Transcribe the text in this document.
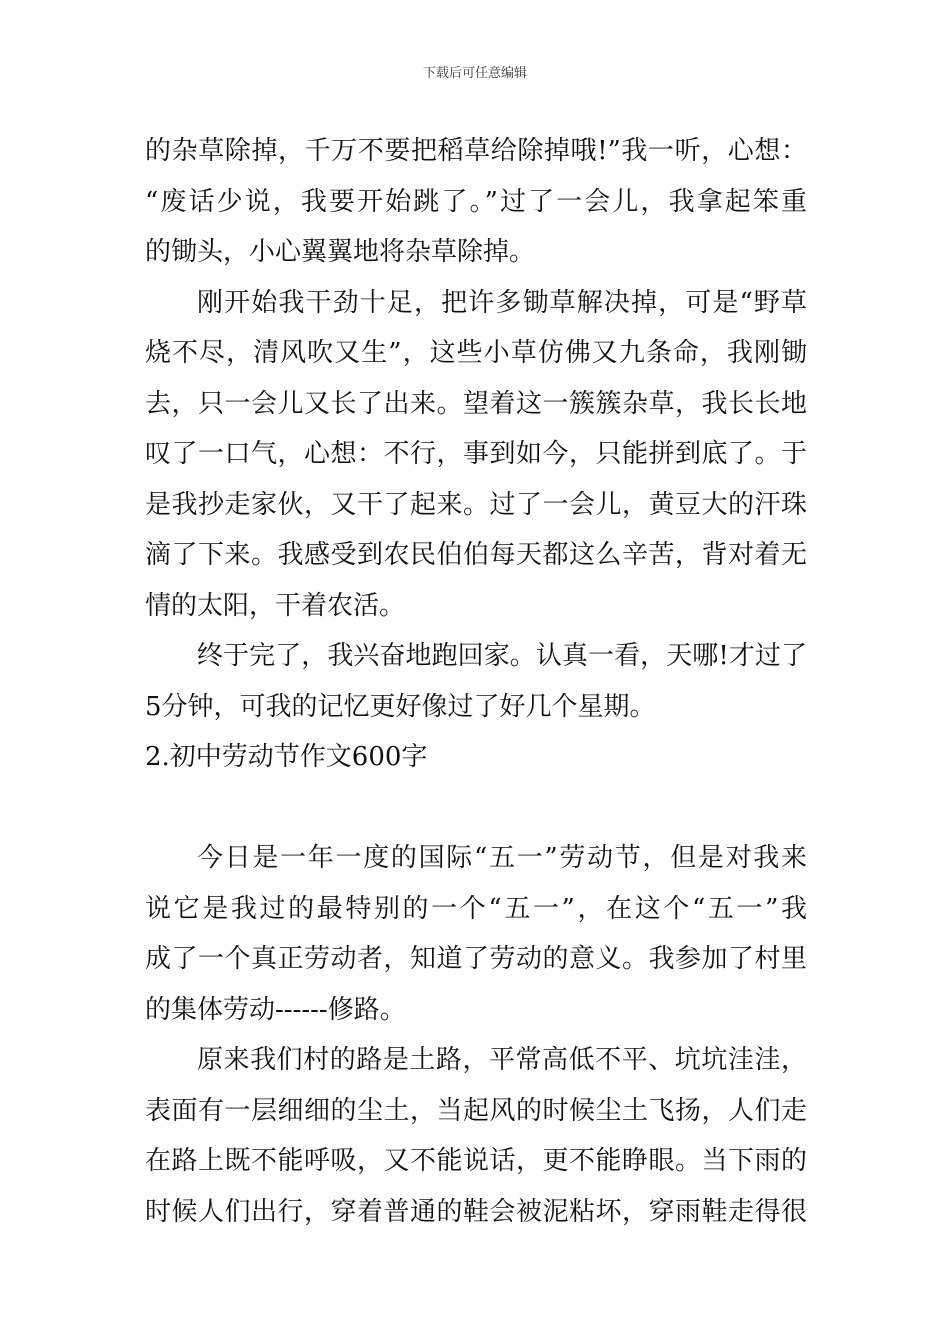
下载后可任意编辑
的杂草除掉，千万不要把稻草给除掉哦!”我一听，心想：
“废话少说，我要开始跳了。”过了一会儿，我拿起笨重
的锄头，小心翼翼地将杂草除掉。
刚开始我干劲十足，把许多锄草解决掉，可是“野草
烧不尽，清风吹又生”，这些小草仿佛又九条命，我刚锄
去，只一会儿又长了出来。望着这一簇簇杂草，我长长地
叹了一口气，心想：不行，事到如今，只能拼到底了。于
是我抄走家伙，又干了起来。过了一会儿，黄豆大的汗珠
滴了下来。我感受到农民伯伯每天都这么辛苦，背对着无
情的太阳，干着农活。
终于完了，我兴奋地跑回家。认真一看，天哪!才过了
5分钟，可我的记忆更好像过了好几个星期。
2.初中劳动节作文600字
今日是一年一度的国际“五一”劳动节，但是对我来
说它是我过的最特别的一个“五一”，在这个“五一”我
成了一个真正劳动者，知道了劳动的意义。我参加了村里
的集体劳动------修路。
原来我们村的路是土路，平常高低不平、坑坑洼洼，
表面有一层细细的尘土，当起风的时候尘土飞扬，人们走
在路上既不能呼吸，又不能说话，更不能睁眼。当下雨的
时候人们出行，穿着普通的鞋会被泥粘坏，穿雨鞋走得很
